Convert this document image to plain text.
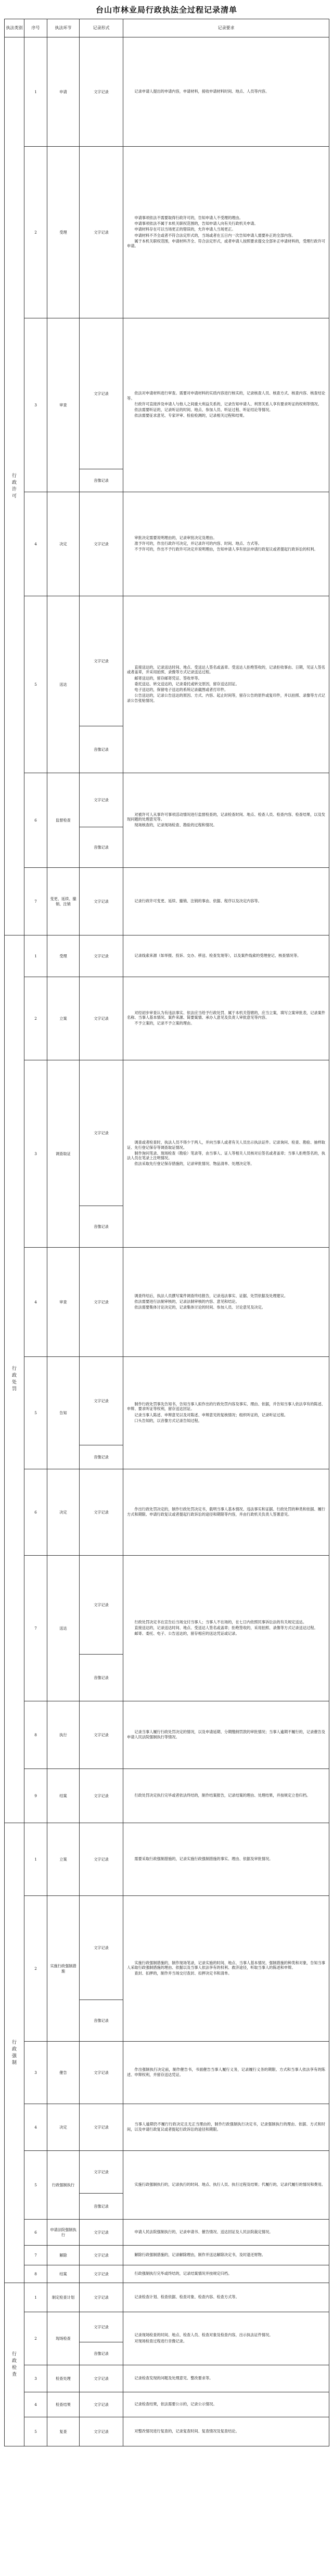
台山市林业局行政执法全过程记录清单
执法类别	序号	执法环节	记录形式	记录要求
行政许可	1	申请	文字记录	记录申请人提出的申请内容，申请材料，接收申请材料时间、地点、人员等内容。

	2	受理	文字记录	申请事项依法不需要取得行政许可的，告知申请人不受理的理由。

申请事项依法不属于本机关职权范围的，告知申请人向有关行政机关申请。

申请材料存在可以当场更正的错误的，允许申请人当场更正。

申请材料不齐全或者不符合法定形式的，当场或者在五日内一次告知申请人需要补正的全部内容。

属于本机关职权范围，申请材料齐全、符合法定形式，或者申请人按照要求提交全部补正申请材料的，受理行政许可申请。

	3	审查	文字记录	依法对申请材料进行审查。需要对申请材料的实质内容进行核实的，记录核查人员、核查方式、核查内容、核查结论等。

行政许可直接涉及申请人与他人之间重大利益关系的，记录告知申请人、利害关系人享有要求听证的权利等情况。

依法需要听证的，记录听证的时间、地点、参加人员、听证过程、听证结论等情况。

依法需要征求意见、专家评审、检验检测的，记录相关过程和结果。

			音像记录	
	4	决定	文字记录	审批决定需要说明理由的，记录审批决定及理由。

准予许可的，作出行政许可决定，并记录许可的内容、时间、地点、方式等。

不予许可的，作出不予行政许可决定并说明理由，告知申请人享有依法申请行政复议或者提起行政诉讼的权利。

	5	送达	文字记录	直接送达的，记录送达时间、地点、受送达人签名或盖章。受送达人拒绝签收的，记录拒收事由、日期，见证人签名或者盖章，并采用拍照、录像等方式记录送达过程。

邮寄送达的，留存邮寄凭证、签收单等。

委托送达、转交送达的，记录委托或转交原因，留存送达回证。

电子送达的，保留电子送达的系统记录截图或者打印件。

公告送达的，记录公告送达的原因、方式、内容、起止时间等，留存公告的原件或复印件，并以拍照、录像等方式记录公告张贴情况。

			音像记录	
	6	监督检查	文字记录	对被许可人从事许可事项活动情况进行监督检查的，记录检查时间、地点、检查人员、检查内容、检查结果，以及发现问题的处理意见等。

现场核查的，记录现场检查、勘验的过程和情况。

			音像记录	
	7	变更、延续、撤销、注销	文字记录	记录行政许可变更、延续、撤销、注销的事由、依据、程序以及决定内容等。

行政处罚	1	受理	文字记录	记录线索来源（如举报、投诉、交办、移送、检查发现等），以及案件线索的受理登记、核查情况等。

	2	立案	文字记录	对经初步审查认为有违法事实、依法应当给予行政处罚、属于本机关管辖的，应当立案，填写立案审批表，记录案件名称、当事人基本情况、案件来源、简要案情、承办人意见及负责人审批意见等内容。

不予立案的，记录不予立案的理由。

	3	调查取证	文字记录	调查或者检查时，执法人员不得少于两人，并向当事人或者有关人员出示执法证件。记录询问、检查、勘验、抽样取证、先行登记保存等调查取证情况。

制作询问笔录、现场检查（勘验）笔录等，由当事人、证人等相关人员核对后签名或者盖章；当事人拒绝签名的，执法人员在笔录上注明情况。

依法采取先行登记保存措施的，记录审批情况、物品清单、处理决定等。

			音像记录	
	4	审查	文字记录	调查终结后，执法人员撰写案件调查终结报告，记录违法事实、证据、处罚依据及处理建议。

依法需要进行法制审核的，记录法制审核的内容、意见和结论。

依法需要集体讨论决定的，记录集体讨论的时间、参加人员、讨论意见及决定。

	5	告知	文字记录	制作行政处罚事先告知书，告知当事人拟作出的行政处罚内容及事实、理由、依据，并告知当事人依法享有的陈述、申辩、要求听证等权利，留存送达回证。

记录当事人陈述、申辩意见以及对陈述、申辩意见的复核情况；组织听证的，记录听证过程。

口头告知的，以音像方式记录告知过程。

			音像记录	
	6	决定	文字记录	作出行政处罚决定的，制作行政处罚决定书，载明当事人基本情况、违法事实和证据、行政处罚的种类和依据、履行方式和期限、申请行政复议或者提起行政诉讼的途径和期限等内容，并由行政机关负责人签署意见。

	7	送达	文字记录	行政处罚决定书在宣告后当场交付当事人；当事人不在场的，在七日内依照民事诉讼法的有关规定送达。

直接送达的，记录送达时间、地点、受送达人签名或盖章；拒绝签收的，采用拍照、录像等方式记录送达过程。

邮寄、委托、电子、公告送达的，留存相应的送达凭证或记录。

			音像记录	
	8	执行	文字记录	记录当事人履行行政处罚决定的情况，以及申请延期、分期缴纳罚款的审批情况；当事人逾期不履行的，记录催告及申请人民法院强制执行等情况。

	9	结案	文字记录	行政处罚决定执行完毕或者依法终结的，制作结案报告，记录结案的理由、处理结果，并按规定立卷归档。

行政强制	1	立案	文字记录	需要采取行政强制措施的，记录实施行政强制措施的事实、理由、依据及审批情况。

	2	实施行政强制措施	文字记录	实施行政强制措施的，制作现场笔录，记录实施的时间、地点、当事人基本情况、强制措施的种类和对象，告知当事人采取行政强制措施的理由、依据以及当事人依法享有的权利、救济途径，听取当事人的陈述和申辩。

查封、扣押的，制作并当场交付查封、扣押决定书和清单。

			音像记录	
	3	催告	文字记录	作出强制执行决定前，制作催告书，书面催告当事人履行义务，记录履行义务的期限、方式和当事人依法享有的陈述、申辩权利，并留存送达凭证。

	4	决定	文字记录	当事人逾期仍不履行行政决定且无正当理由的，制作行政强制执行决定书，记录强制执行的理由、依据、方式和时间，以及申请行政复议或者提起行政诉讼的途径和期限。

	5	行政强制执行	文字记录	实施行政强制执行的，记录执行的时间、地点、执行人员、执行过程及结果；代履行的，记录代履行的情况和费用。

			音像记录	
	6	申请法院强制执行	文字记录	申请人民法院强制执行的，记录申请书、催告情况、送达回证及人民法院裁定情况。

	7	解除	文字记录	解除行政强制措施的，记录解除理由，制作并送达解除决定书，及时退还财物。

	8	结案	文字记录	行政强制执行完毕或终结的，记录结案情况并按规定归档。

行政检查	1	制定检查计划	文字记录	记录检查计划、检查依据、检查对象、检查内容、检查方式等。

	2	现场检查	文字记录	记录现场检查的时间、地点、检查人员、检查对象及检查内容，出示执法证件情况。

对现场检查过程进行音像记录。

			音像记录	
	3	检查处理	文字记录	记录检查发现的问题及处理意见、整改要求等。

	4	检查结果	文字记录	记录检查结果，依法需要公示的，记录公示情况。

	5	复查	文字记录	对整改情况进行复查的，记录复查时间、复查情况及复查结论。
